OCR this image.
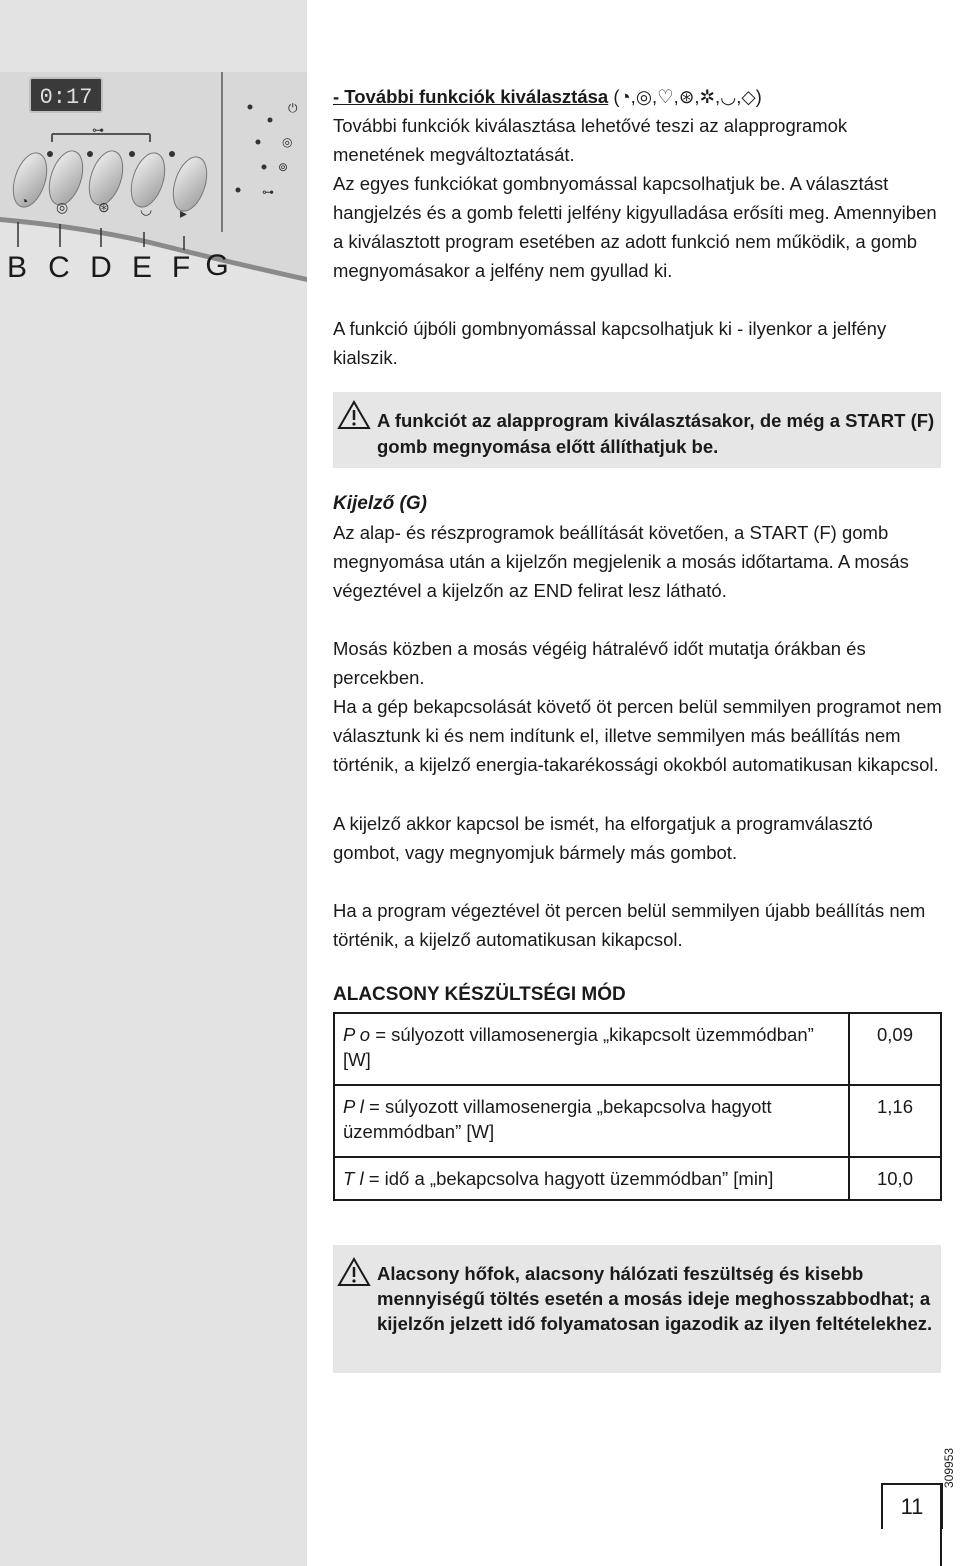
0:17
⊶
◔ ◎ ⊛ ◡ ▸
⏻
◎
⊚
⊶
B C D E F G
- További funkciók kiválasztása (◔,◎,♡,⊛,✲,◡,◇)

További funkciók kiválasztása lehetővé teszi az alapprogramok menetének megváltoztatását.

Az egyes funkciókat gombnyomással kapcsolhatjuk be. A választást hangjelzés és a gomb feletti jelfény kigyulladása erősíti meg. Amennyiben a kiválasztott program esetében az adott funkció nem működik, a gomb megnyomásakor a jelfény nem gyullad ki.

A funkció újbóli gombnyomással kapcsolhatjuk ki - ilyenkor a jelfény kialszik.

A funkciót az alapprogram kiválasztásakor, de még a START (F) gomb megnyomása előtt állíthatjuk be.
Kijelző (G)

Az alap- és részprogramok beállítását követően, a START (F) gomb megnyomása után a kijelzőn megjelenik a mosás időtartama. A mosás végeztével a kijelzőn az END felirat lesz látható.

Mosás közben a mosás végéig hátralévő időt mutatja órákban és percekben.

Ha a gép bekapcsolását követő öt percen belül semmilyen programot nem választunk ki és nem indítunk el, illetve semmilyen más beállítás nem történik, a kijelző energia-takarékossági okokból automatikusan kikapcsol.

A kijelző akkor kapcsol be ismét, ha elforgatjuk a programválasztó gombot, vagy megnyomjuk bármely más gombot.

Ha a program végeztével öt percen belül semmilyen újabb beállítás nem történik, a kijelző automatikusan kikapcsol.

ALACSONY KÉSZÜLTSÉGI MÓD
P o = súlyozott villamosenergia „kikapcsolt üzemmódban” [W]	0,09
P l = súlyozott villamosenergia „bekapcsolva hagyott üzemmódban” [W]	1,16
T l = idő a „bekapcsolva hagyott üzemmódban” [min]	10,0
Alacsony hőfok, alacsony hálózati feszültség és kisebb mennyiségű töltés esetén a mosás ideje meghosszabbodhat; a kijelzőn jelzett idő folyamatosan igazodik az ilyen feltételekhez.
309953
11
